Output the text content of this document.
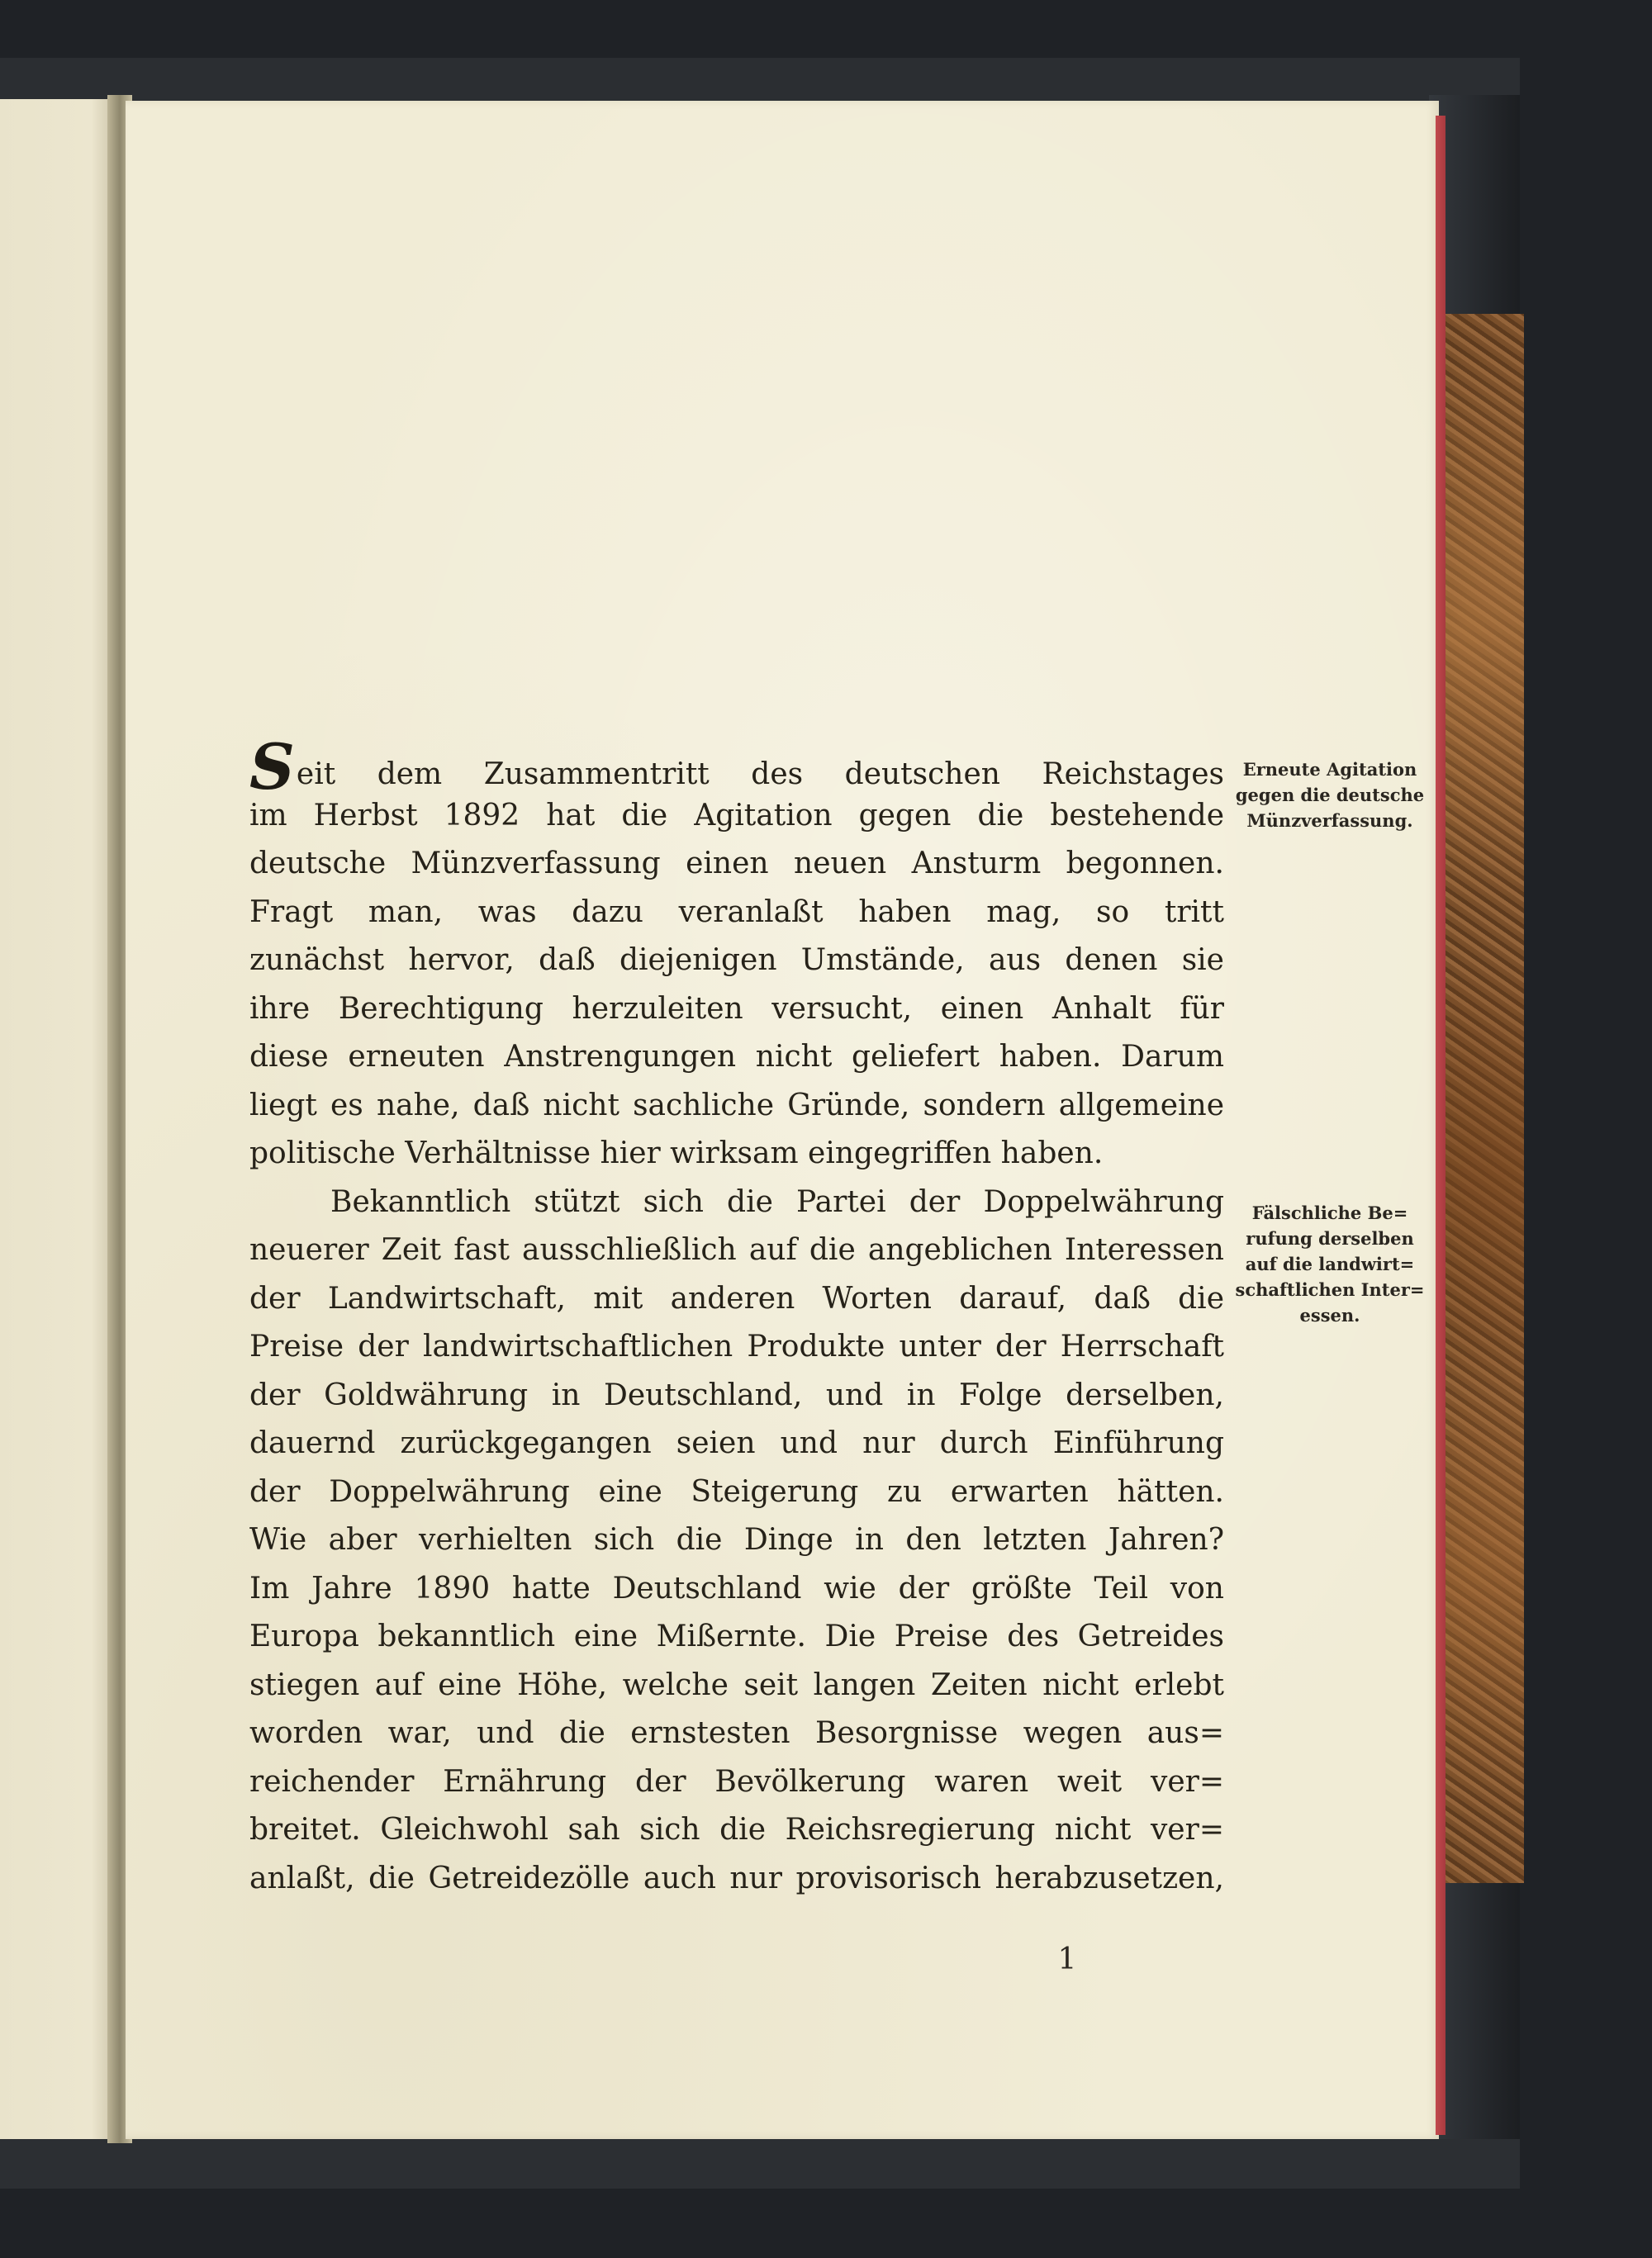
Seit dem Zusammentritt des deutschen Reichstages
im Herbst 1892 hat die Agitation gegen die bestehende
deutsche Münzverfassung einen neuen Ansturm begonnen.
Fragt man, was dazu veranlaßt haben mag, so tritt
zunächst hervor, daß diejenigen Umstände, aus denen sie
ihre Berechtigung herzuleiten versucht, einen Anhalt für
diese erneuten Anstrengungen nicht geliefert haben. Darum
liegt es nahe, daß nicht sachliche Gründe, sondern allgemeine
politische Verhältnisse hier wirksam eingegriffen haben.
Bekanntlich stützt sich die Partei der Doppelwährung
neuerer Zeit fast ausschließlich auf die angeblichen Interessen
der Landwirtschaft, mit anderen Worten darauf, daß die
Preise der landwirtschaftlichen Produkte unter der Herrschaft
der Goldwährung in Deutschland, und in Folge derselben,
dauernd zurückgegangen seien und nur durch Einführung
der Doppelwährung eine Steigerung zu erwarten hätten.
Wie aber verhielten sich die Dinge in den letzten Jahren?
Im Jahre 1890 hatte Deutschland wie der größte Teil von
Europa bekanntlich eine Mißernte. Die Preise des Getreides
stiegen auf eine Höhe, welche seit langen Zeiten nicht erlebt
worden war, und die ernstesten Besorgnisse wegen aus=
reichender Ernährung der Bevölkerung waren weit ver=
breitet. Gleichwohl sah sich die Reichsregierung nicht ver=
anlaßt, die Getreidezölle auch nur provisorisch herabzusetzen,
Erneute Agitation
gegen die deutsche
Münzverfassung.
Fälschliche Be=
rufung derselben
auf die landwirt=
schaftlichen Inter=
essen.
1
